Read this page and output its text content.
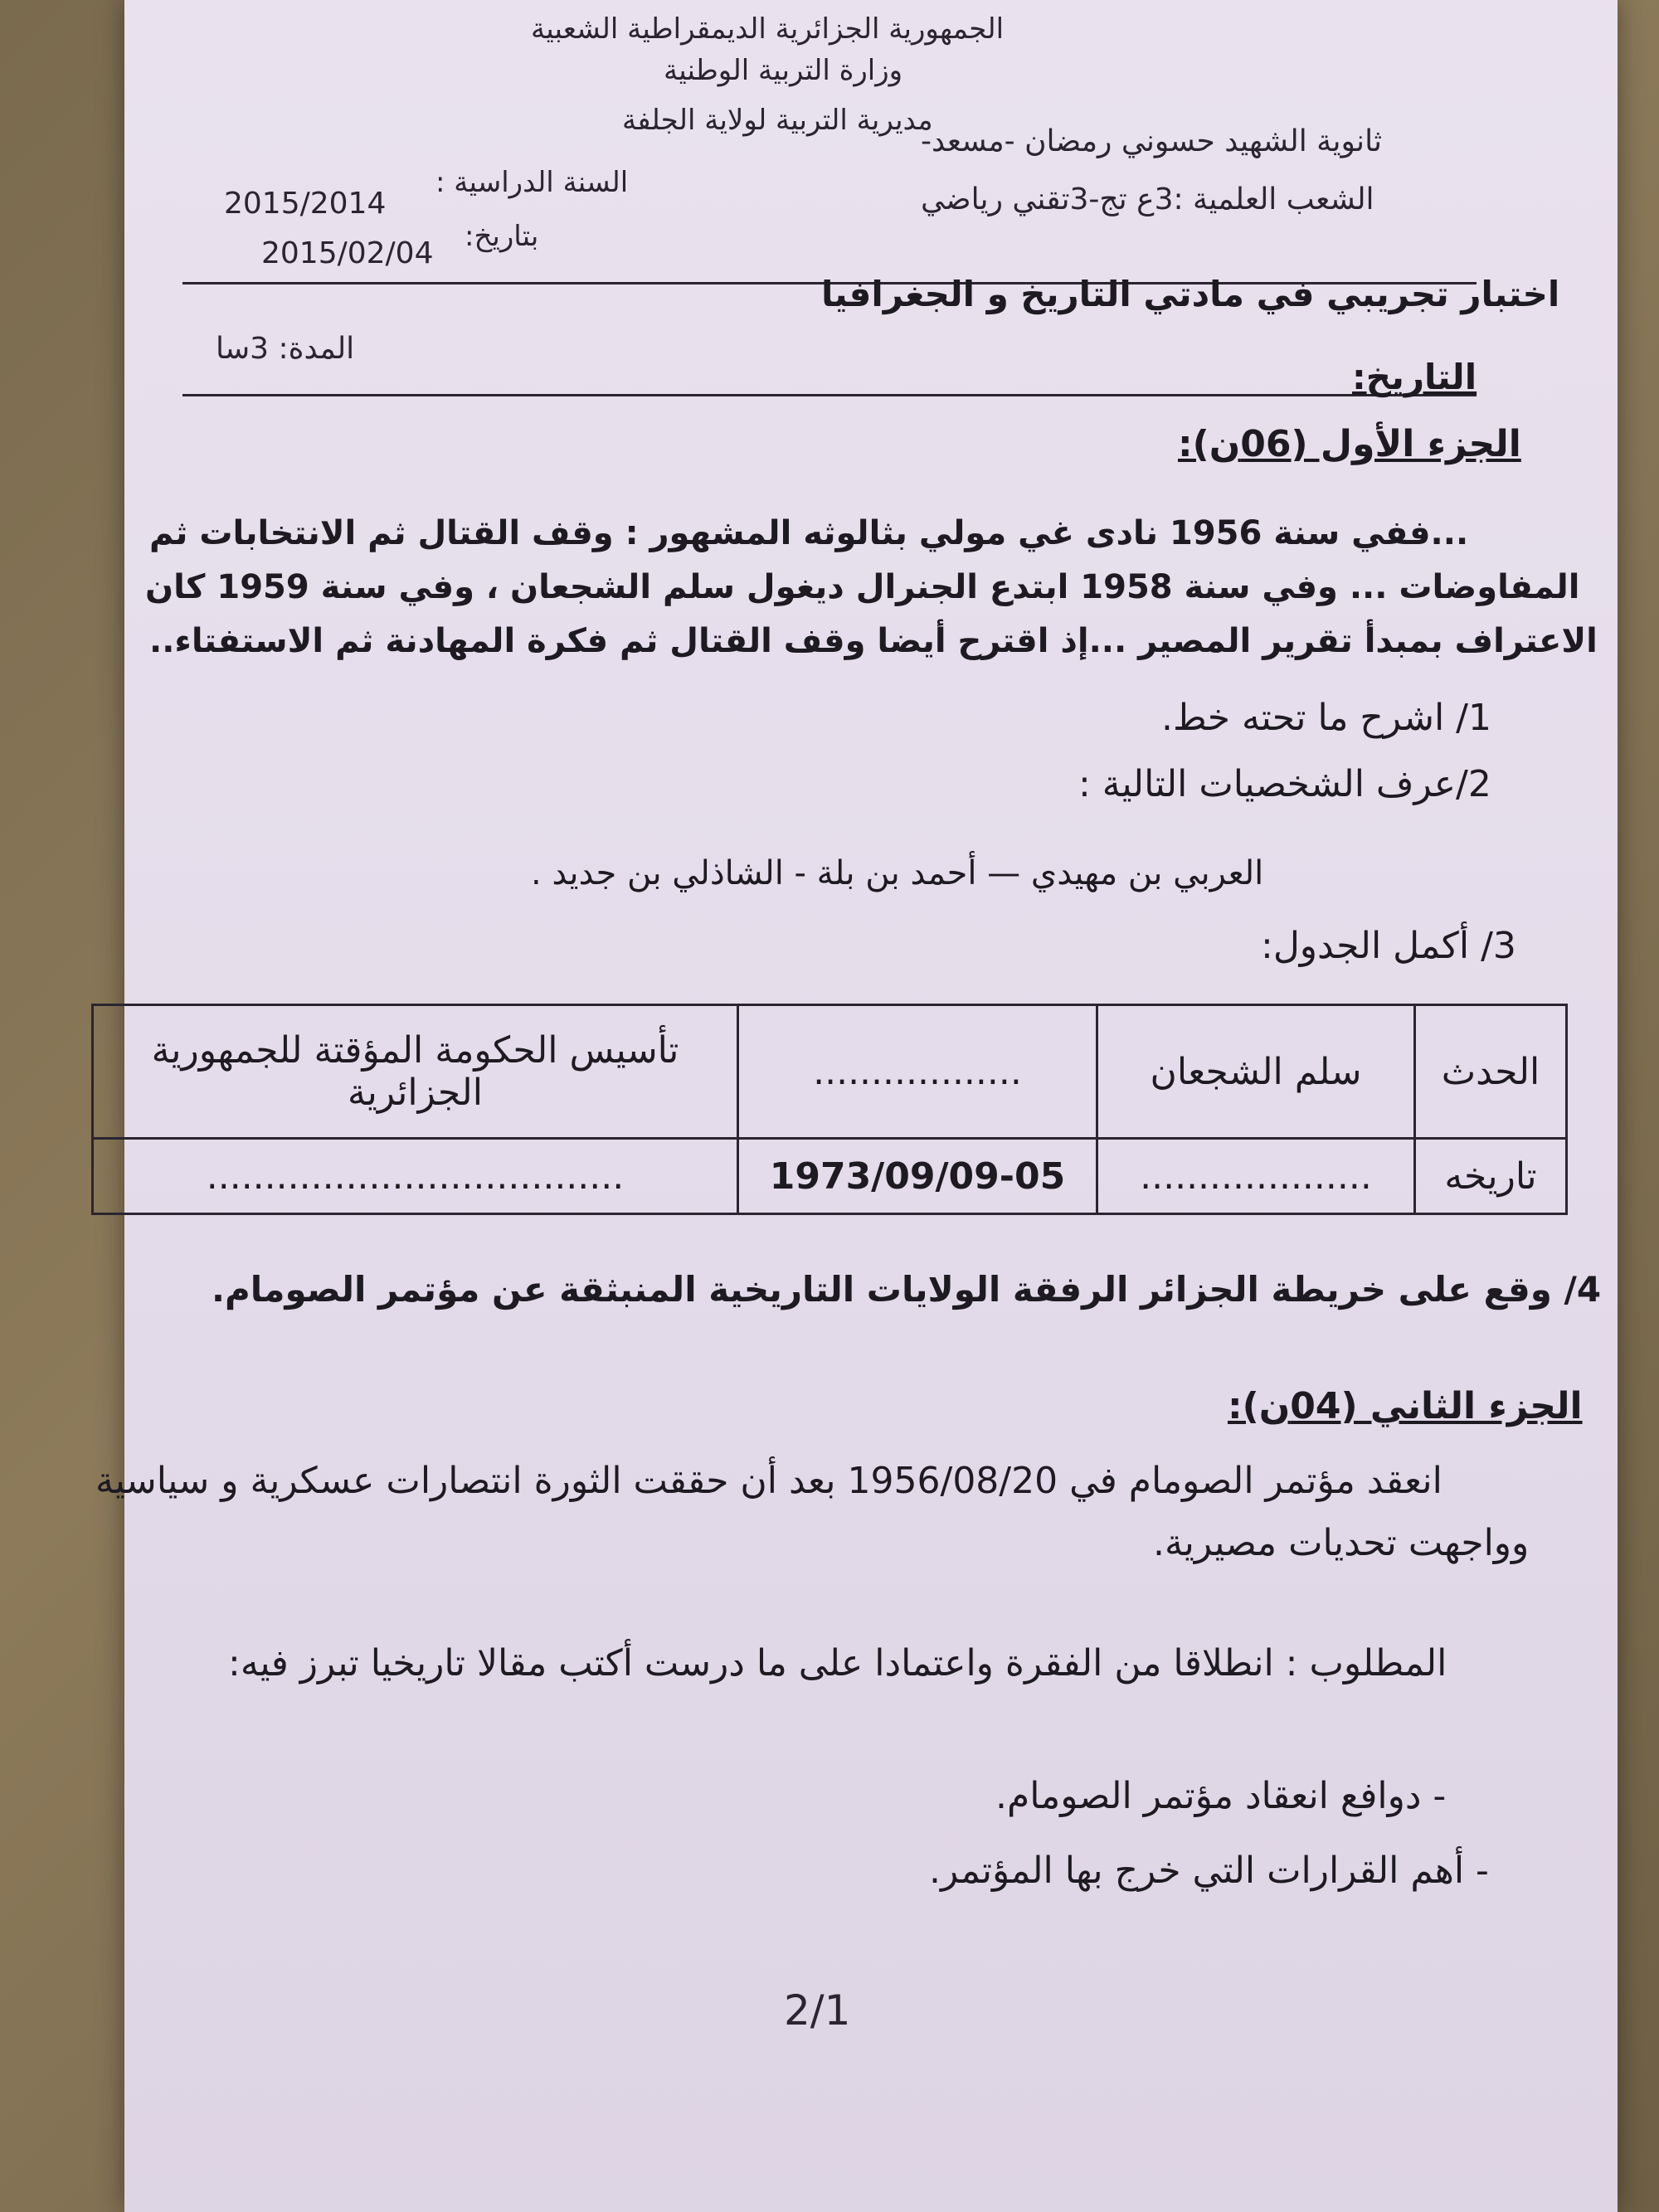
الجمهورية الجزائرية الديمقراطية الشعبية
وزارة التربية الوطنية
مديرية التربية لولاية الجلفة
ثانوية الشهيد حسوني رمضان -مسعد-
الشعب العلمية :3ع تج-3تقني رياضي
السنة الدراسية :
2015/2014
بتاريخ:
2015/02/04
اختبار تجريبي في مادتي التاريخ و الجغرافيا
المدة: 3سا
التاريخ:
الجزء الأول (06ن):
...ففي سنة 1956 نادى غي مولي بثالوثه المشهور : وقف القتال ثم الانتخابات ثم
المفاوضات ... وفي سنة 1958 ابتدع الجنرال ديغول سلم الشجعان ، وفي سنة 1959 كان
الاعتراف بمبدأ تقرير المصير ...إذ اقترح أيضا وقف القتال ثم فكرة المهادنة ثم الاستفتاء..
1/ اشرح ما تحته خط.
2/عرف الشخصيات التالية :
العربي بن مهيدي — أحمد بن بلة - الشاذلي بن جديد .
3/ أكمل الجدول:
الحدث	سلم الشجعان	..................	تأسيس الحكومة المؤقتة للجمهورية الجزائرية
تاريخه	....................	1973/09/09-05	....................................
4/ وقع على خريطة الجزائر الرفقة الولايات التاريخية المنبثقة عن مؤتمر الصومام.
الجزء الثاني (04ن):
انعقد مؤتمر الصومام في 1956/08/20 بعد أن حققت الثورة انتصارات عسكرية و سياسية
وواجهت تحديات مصيرية.
المطلوب : انطلاقا من الفقرة واعتمادا على ما درست أكتب مقالا تاريخيا تبرز فيه:
- دوافع انعقاد مؤتمر الصومام.
- أهم القرارات التي خرج بها المؤتمر.
2/1
